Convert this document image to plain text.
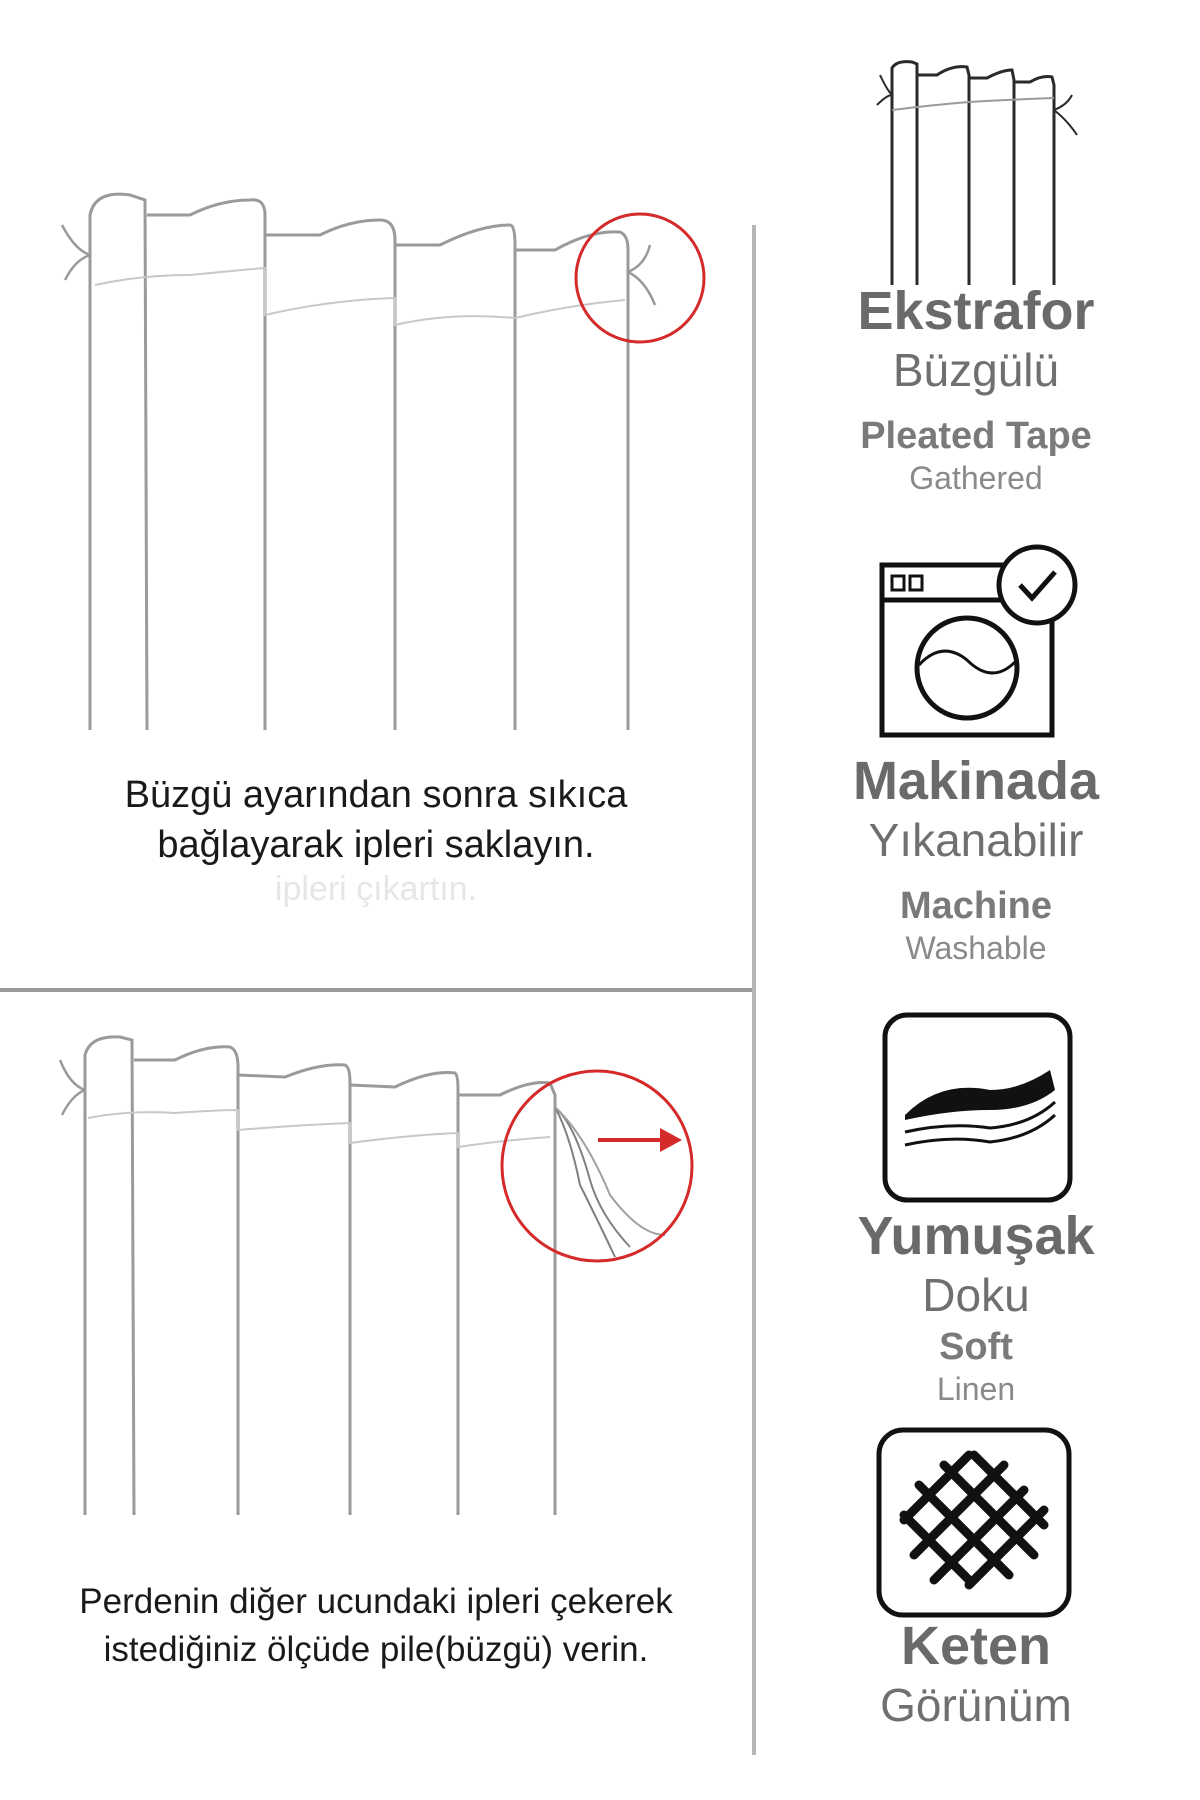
ipleri çıkartın.
Büzgü ayarından sonra sıkıca
bağlayarak ipleri saklayın.
Perdenin diğer ucundaki ipleri çekerek
istediğiniz ölçüde pile(büzgü) verin.
Ekstrafor
Büzgülü
Pleated Tape
Gathered
Makinada
Yıkanabilir
Machine
Washable
Yumuşak
Doku
Soft
Linen
Keten
Görünüm
